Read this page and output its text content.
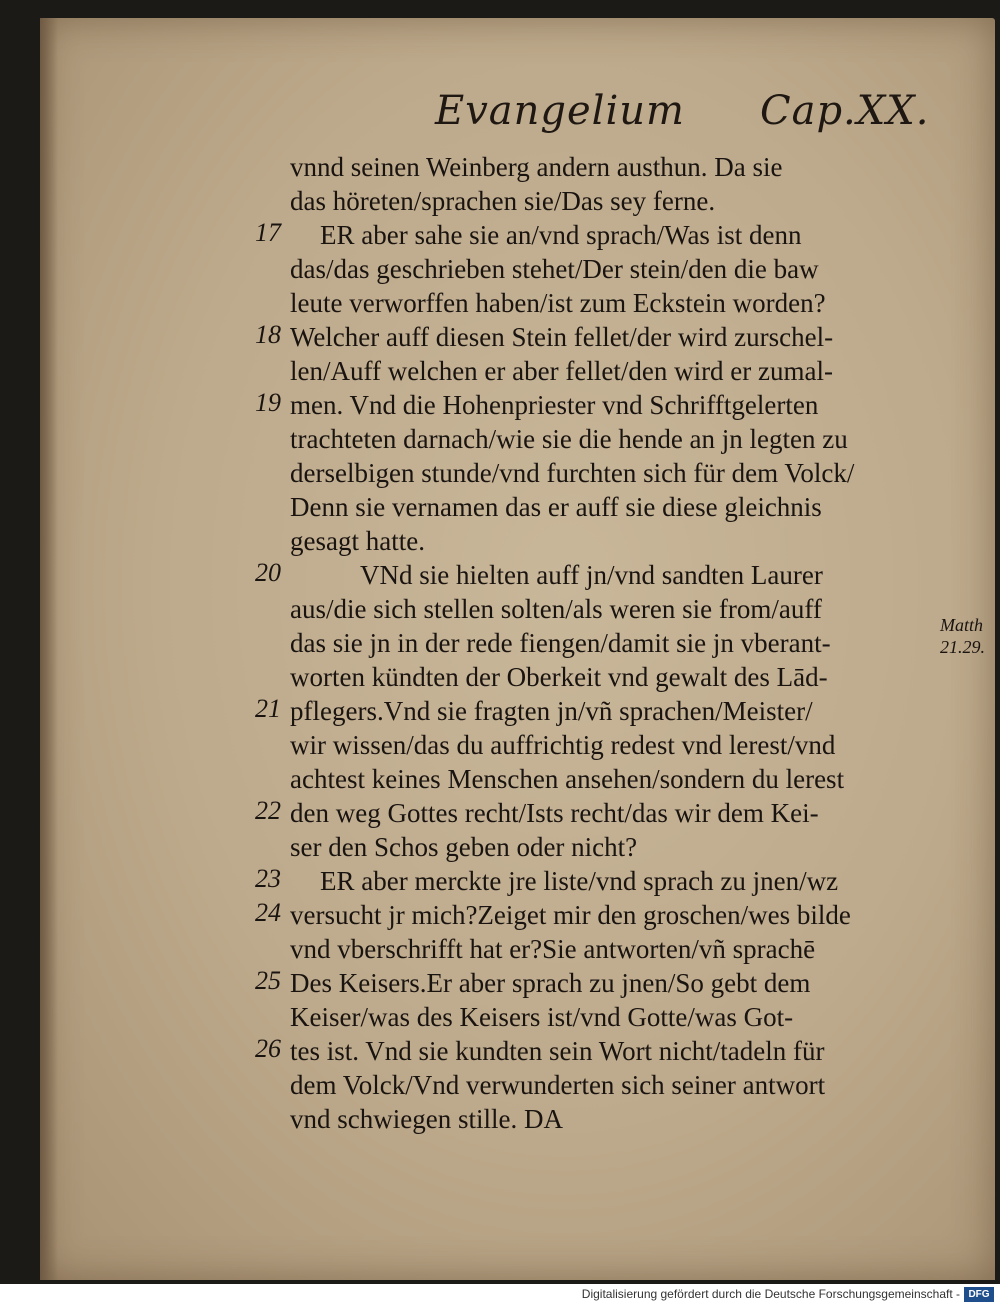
Evangelium Cap.XX.
vnnd seinen Weinberg andern austhun. Da sie
das höreten/sprachen sie/Das sey ferne.
ER aber sahe sie an/vnd sprach/Was ist denn
das/das geschrieben stehet/Der stein/den die baw
leute verworffen haben/ist zum Eckstein worden?
Welcher auff diesen Stein fellet/der wird zurschel-
len/Auff welchen er aber fellet/den wird er zumal-
men. Vnd die Hohenpriester vnd Schrifftgelerten
trachteten darnach/wie sie die hende an jn legten zu
derselbigen stunde/vnd furchten sich für dem Volck/
Denn sie vernamen das er auff sie diese gleichnis
gesagt hatte.
VNd sie hielten auff jn/vnd sandten Laurer
aus/die sich stellen solten/als weren sie from/auff
das sie jn in der rede fiengen/damit sie jn vberant-
worten kündten der Oberkeit vnd gewalt des Lād-
pflegers.Vnd sie fragten jn/vñ sprachen/Meister/
wir wissen/das du auffrichtig redest vnd lerest/vnd
achtest keines Menschen ansehen/sondern du lerest
den weg Gottes recht/Ists recht/das wir dem Kei-
ser den Schos geben oder nicht?
ER aber merckte jre liste/vnd sprach zu jnen/wz
versucht jr mich?Zeiget mir den groschen/wes bilde
vnd vberschrifft hat er?Sie antworten/vñ sprachē
Des Keisers.Er aber sprach zu jnen/So gebt dem
Keiser/was des Keisers ist/vnd Gotte/was Got-
tes ist. Vnd sie kundten sein Wort nicht/tadeln für
dem Volck/Vnd verwunderten sich seiner antwort
vnd schwiegen stille. DA
17
18
19
20
21
22
23
24
25
26
Matth
21.29.
Digitalisierung gefördert durch die Deutsche Forschungsgemeinschaft - DFG
